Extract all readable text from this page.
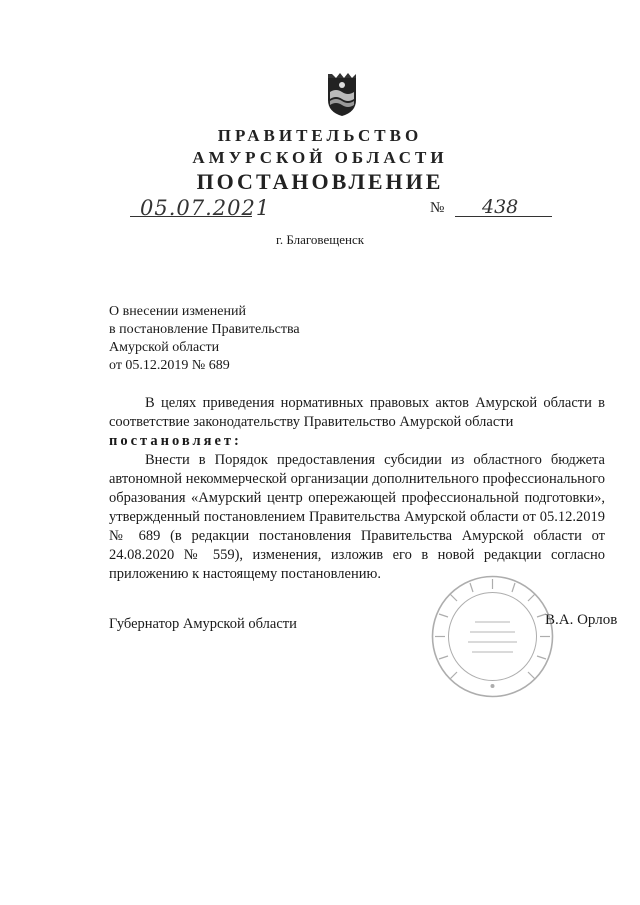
ПРАВИТЕЛЬСТВО
АМУРСКОЙ ОБЛАСТИ
ПОСТАНОВЛЕНИЕ
05.07.2021	№ 438
г. Благовещенск
О внесении изменений
в постановление Правительства
Амурской области
от 05.12.2019 № 689

В целях приведения нормативных правовых актов Амурской области в соответствие законодательству Правительство Амурской области

постановляет:

Внести в Порядок предоставления субсидии из областного бюджета автономной некоммерческой организации дополнительного профессионального образования «Амурский центр опережающей профессиональной подготовки», утвержденный постановлением Правительства Амурской области от 05.12.2019 № 689 (в редакции постановления Правительства Амурской области от 24.08.2020 № 559), изменения, изложив его в новой редакции согласно приложению к настоящему постановлению.

Губернатор Амурской области	В.А. Орлов
